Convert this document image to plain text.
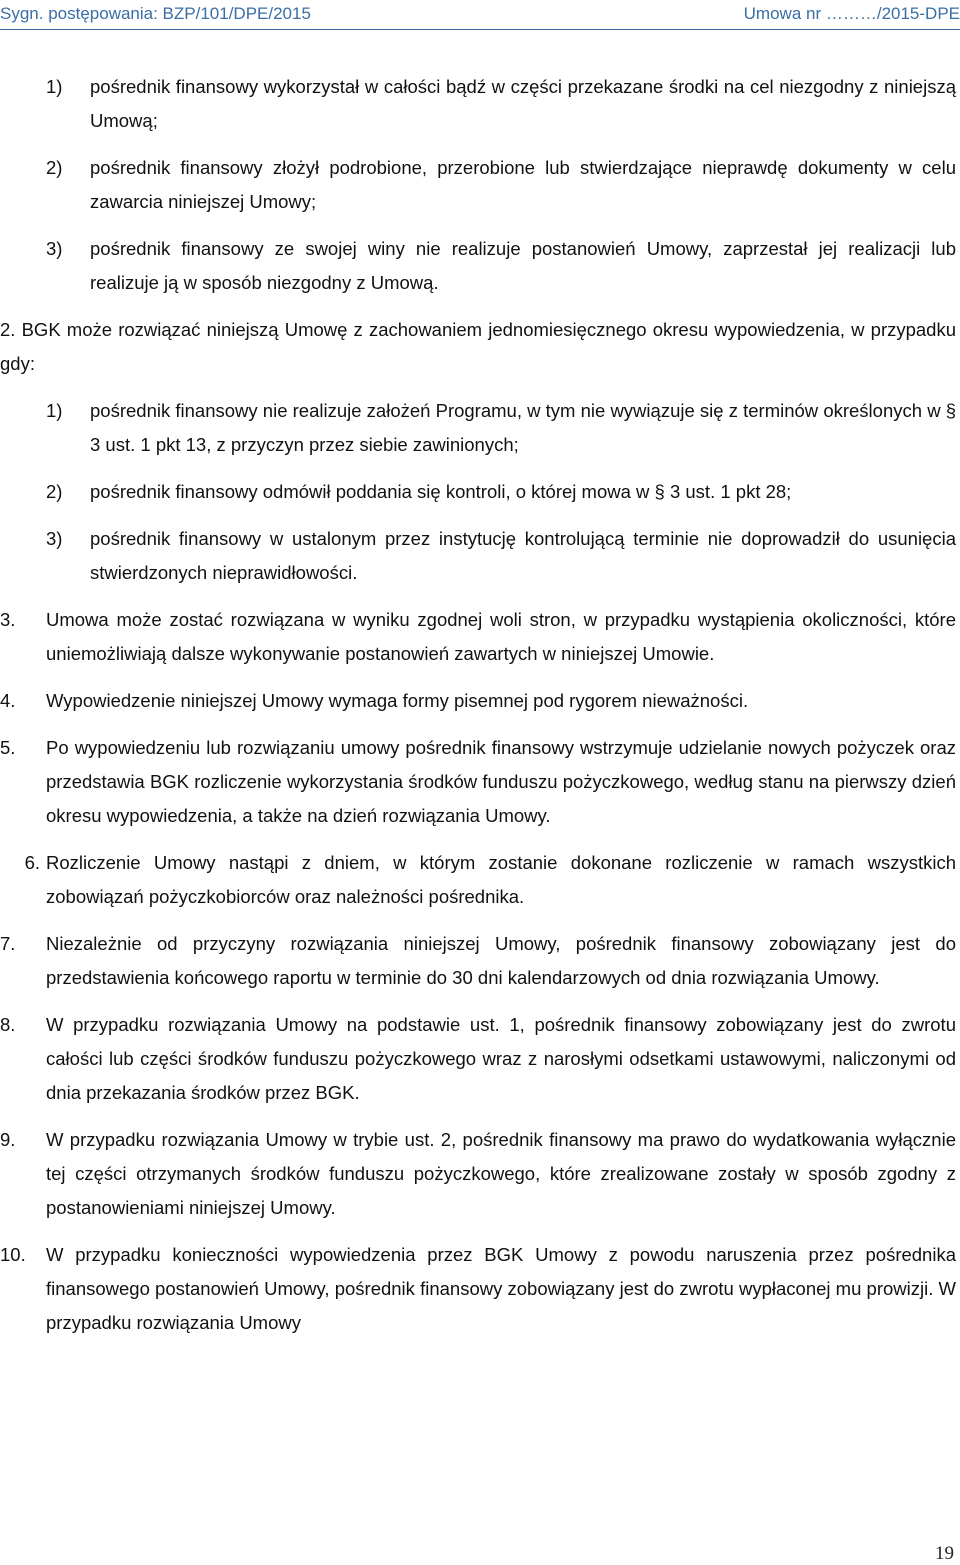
Sygn. postępowania: BZP/101/DPE/2015	Umowa nr ………/2015-DPE
1) pośrednik finansowy wykorzystał w całości bądź w części przekazane środki na cel niezgodny z niniejszą Umową;
2) pośrednik finansowy złożył podrobione, przerobione lub stwierdzające nieprawdę dokumenty w celu zawarcia niniejszej Umowy;
3) pośrednik finansowy ze swojej winy nie realizuje postanowień Umowy, zaprzestał jej realizacji lub realizuje ją w sposób niezgodny z Umową.
2. BGK może rozwiązać niniejszą Umowę z zachowaniem jednomiesięcznego okresu wypowiedzenia, w przypadku gdy:
1) pośrednik finansowy nie realizuje założeń Programu, w tym nie wywiązuje się z terminów określonych w § 3 ust. 1 pkt 13, z przyczyn przez siebie zawinionych;
2) pośrednik finansowy odmówił poddania się kontroli, o której mowa w § 3 ust. 1 pkt 28;
3) pośrednik finansowy w ustalonym przez instytucję kontrolującą terminie nie doprowadził do usunięcia stwierdzonych nieprawidłowości.
3.	Umowa może zostać rozwiązana w wyniku zgodnej woli stron, w przypadku wystąpienia okoliczności, które uniemożliwiają dalsze wykonywanie postanowień zawartych w niniejszej Umowie.
4.	Wypowiedzenie niniejszej Umowy wymaga formy pisemnej pod rygorem nieważności.
5.	Po wypowiedzeniu lub rozwiązaniu umowy pośrednik finansowy wstrzymuje udzielanie nowych pożyczek oraz przedstawia BGK rozliczenie wykorzystania środków funduszu pożyczkowego, według stanu na pierwszy dzień okresu wypowiedzenia, a także na dzień rozwiązania Umowy.
6. Rozliczenie Umowy nastąpi z dniem, w którym zostanie dokonane rozliczenie w ramach wszystkich zobowiązań pożyczkobiorców oraz należności pośrednika.
7.	Niezależnie od przyczyny rozwiązania niniejszej Umowy, pośrednik finansowy zobowiązany jest do przedstawienia końcowego raportu w terminie do 30 dni kalendarzowych od dnia rozwiązania Umowy.
8.	W przypadku rozwiązania Umowy na podstawie ust. 1, pośrednik finansowy zobowiązany jest do zwrotu całości lub części środków funduszu pożyczkowego wraz z narosłymi odsetkami ustawowymi, naliczonymi od dnia przekazania środków przez BGK.
9.	W przypadku rozwiązania Umowy w trybie ust. 2, pośrednik finansowy ma prawo do wydatkowania wyłącznie tej części otrzymanych środków funduszu pożyczkowego, które zrealizowane zostały w sposób zgodny z postanowieniami niniejszej Umowy.
10.	W przypadku konieczności wypowiedzenia przez BGK Umowy z powodu naruszenia przez pośrednika finansowego postanowień Umowy, pośrednik finansowy zobowiązany jest do zwrotu wypłaconej mu prowizji. W przypadku rozwiązania Umowy
19
